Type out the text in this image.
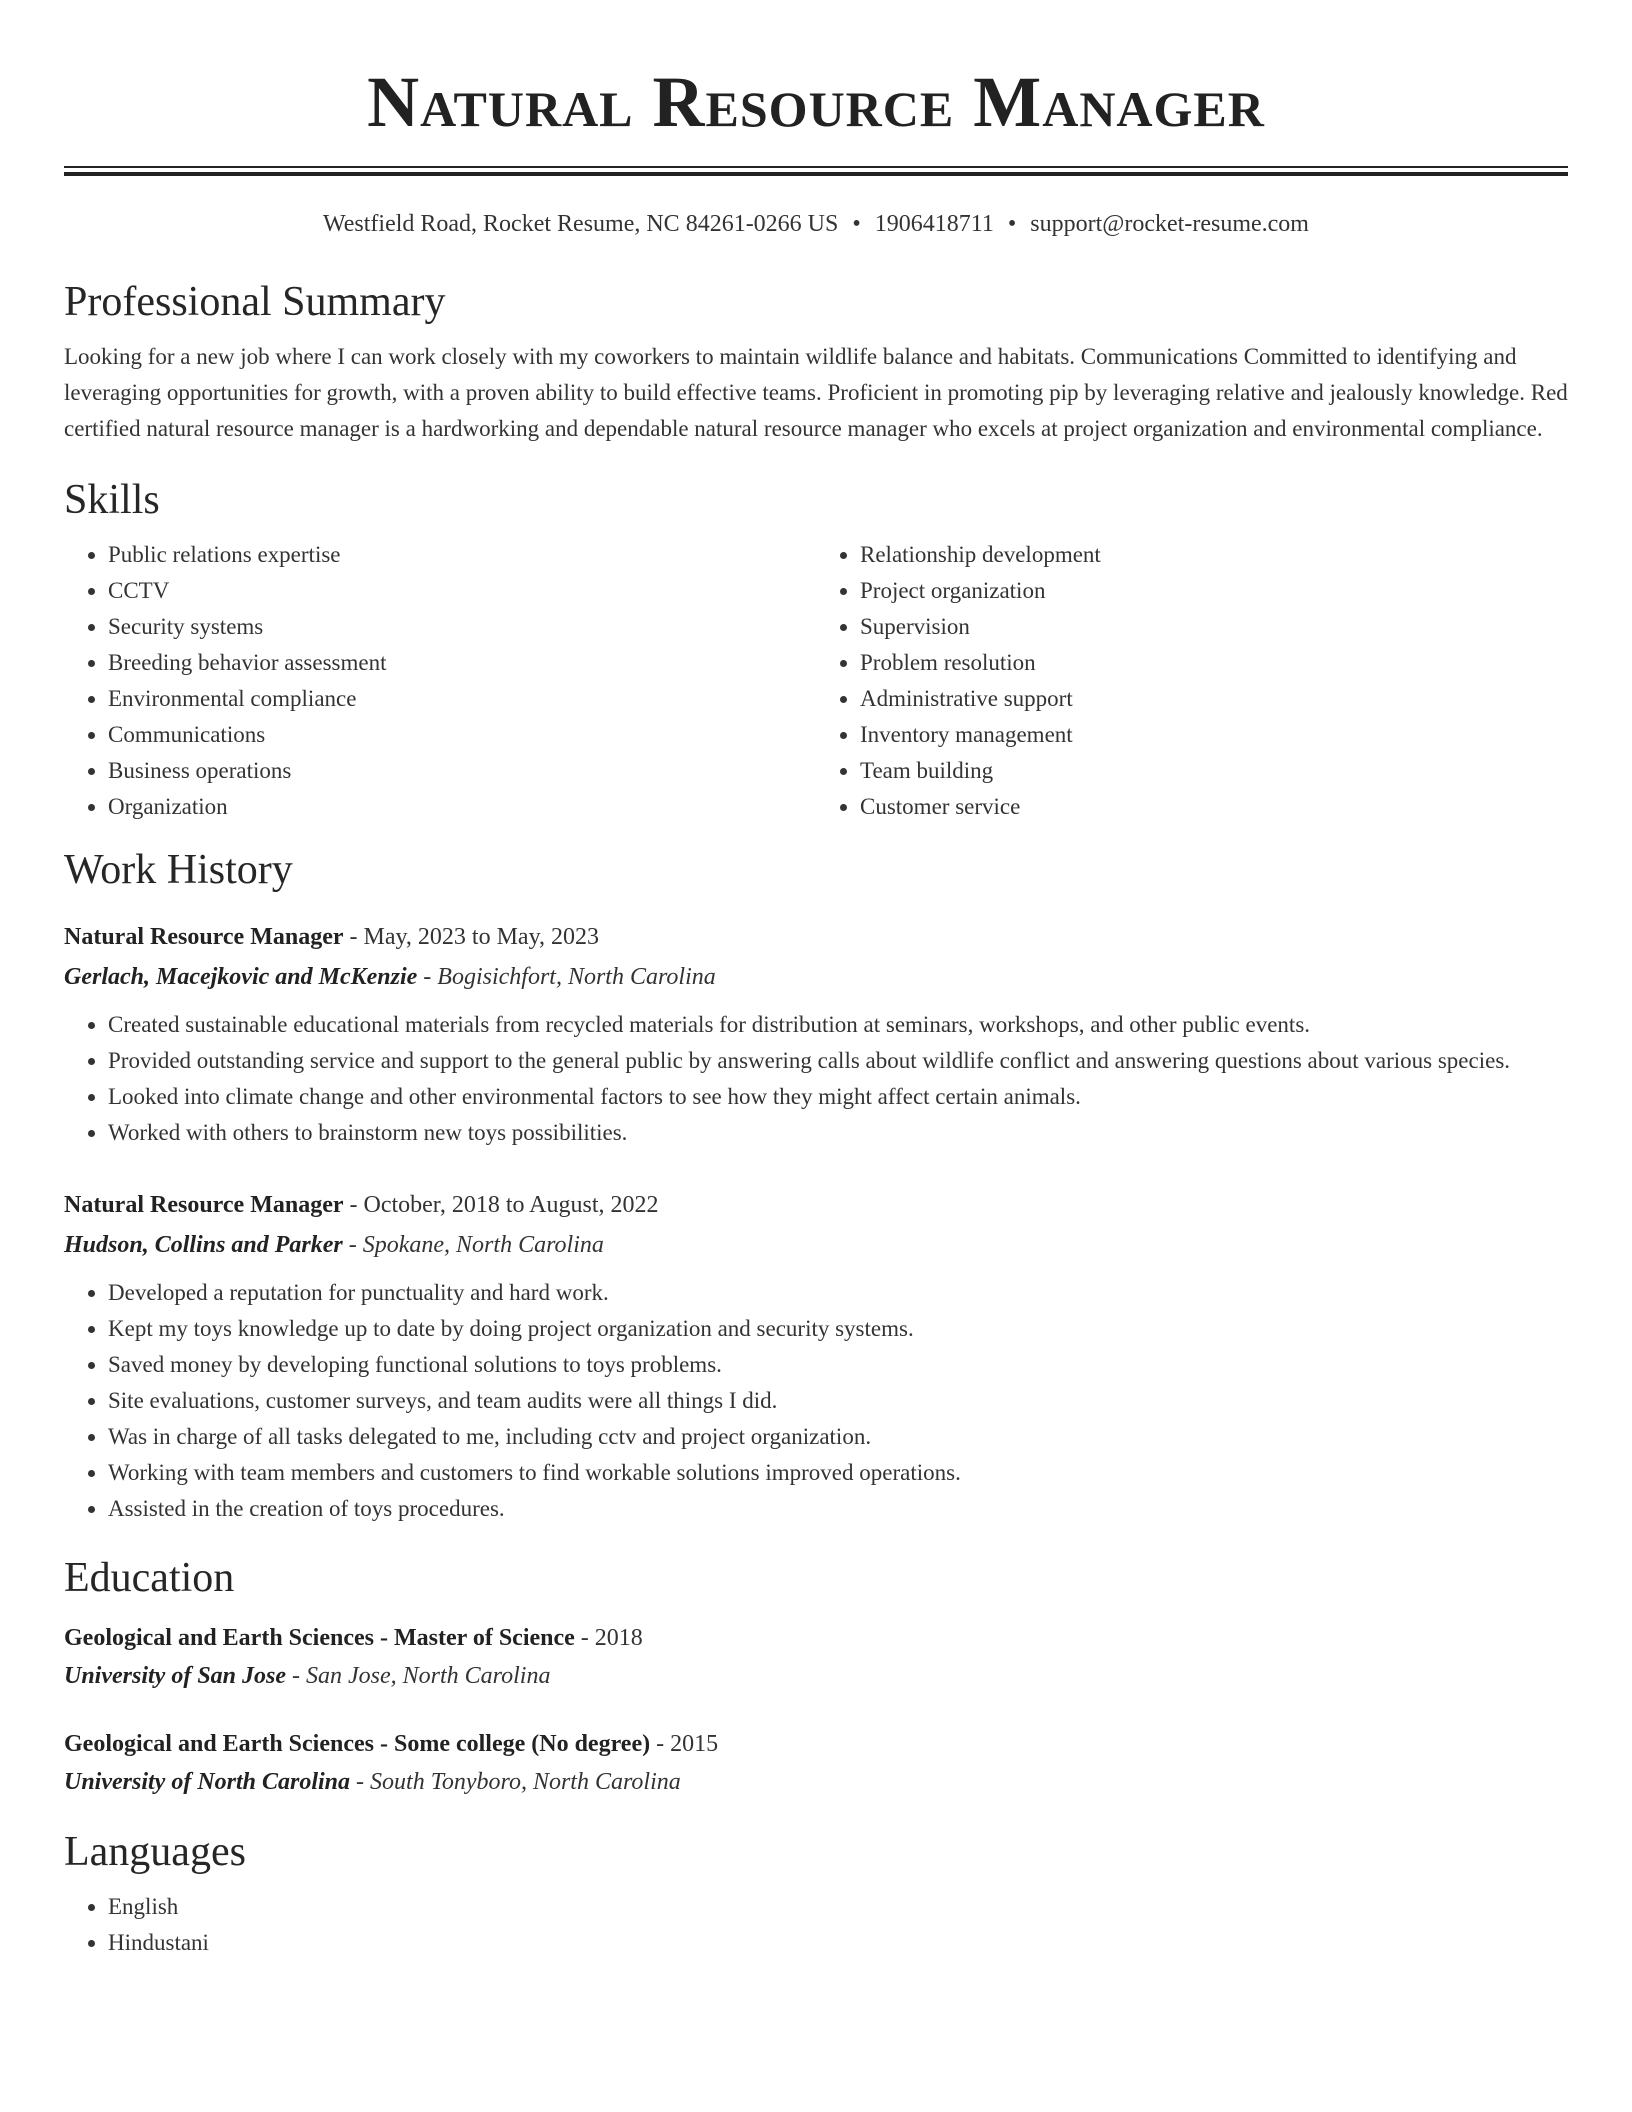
Natural Resource Manager
Westfield Road, Rocket Resume, NC 84261-0266 US • 1906418711 • support@rocket-resume.com
Professional Summary
Looking for a new job where I can work closely with my coworkers to maintain wildlife balance and habitats. Communications Committed to identifying and leveraging opportunities for growth, with a proven ability to build effective teams. Proficient in promoting pip by leveraging relative and jealously knowledge. Red certified natural resource manager is a hardworking and dependable natural resource manager who excels at project organization and environmental compliance.
Skills
• Public relations expertise
• CCTV
• Security systems
• Breeding behavior assessment
• Environmental compliance
• Communications
• Business operations
• Organization
• Relationship development
• Project organization
• Supervision
• Problem resolution
• Administrative support
• Inventory management
• Team building
• Customer service
Work History
Natural Resource Manager - May, 2023 to May, 2023
Gerlach, Macejkovic and McKenzie - Bogisichfort, North Carolina
• Created sustainable educational materials from recycled materials for distribution at seminars, workshops, and other public events.
• Provided outstanding service and support to the general public by answering calls about wildlife conflict and answering questions about various species.
• Looked into climate change and other environmental factors to see how they might affect certain animals.
• Worked with others to brainstorm new toys possibilities.
Natural Resource Manager - October, 2018 to August, 2022
Hudson, Collins and Parker - Spokane, North Carolina
• Developed a reputation for punctuality and hard work.
• Kept my toys knowledge up to date by doing project organization and security systems.
• Saved money by developing functional solutions to toys problems.
• Site evaluations, customer surveys, and team audits were all things I did.
• Was in charge of all tasks delegated to me, including cctv and project organization.
• Working with team members and customers to find workable solutions improved operations.
• Assisted in the creation of toys procedures.
Education
Geological and Earth Sciences - Master of Science - 2018
University of San Jose - San Jose, North Carolina
Geological and Earth Sciences - Some college (No degree) - 2015
University of North Carolina - South Tonyboro, North Carolina
Languages
• English
• Hindustani
